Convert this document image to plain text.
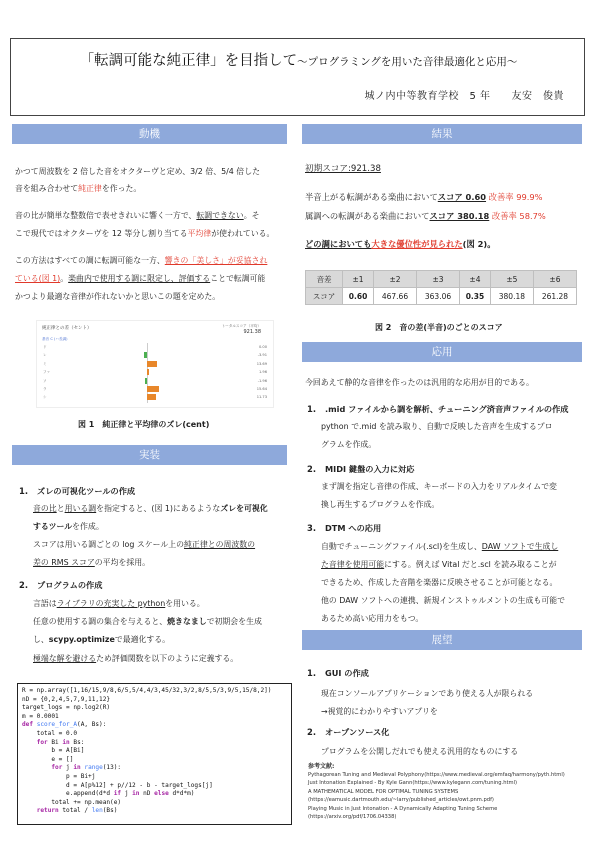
「転調可能な純正律」を目指して～プログラミングを用いた音律最適化と応用～
城ノ内中等教育学校　5 年　　友安　俊貴
動機
かつて周波数を 2 倍した音をオクターヴと定め、3/2 倍、5/4 倍した
音を組み合わせて純正律を作った。
音の比が簡単な整数倍で表せきれいに響く一方で、転調できない。そ
こで現代ではオクターヴを 12 等分し割り当てる平均律が使われている。
この方法はすべての調に転調可能な一方、響きの「美しさ」が妥協され
ている(図 1)。楽曲内で使用する調に限定し、評価することで転調可能
かつより最適な音律が作れないかと思いこの題を定めた。
純正律との差（セント）	トータルスコア（平均）
921.38
基音 C (ハ長調)
ド	0.00
レ	-3.91
ミ	13.69
ファ	1.96
ソ	-1.96
ラ	15.64
シ	11.73
図 1　純正律と平均律のズレ(cent)
実装
1. ズレの可視化ツールの作成
音の比と用いる調を指定すると、(図 1)にあるようなズレを可視化
するツールを作成。
スコアは用いる調ごとの log スケール上の純正律との周波数の
差の RMS スコアの平均を採用。
2. プログラムの作成
言語はライブラリの充実した pythonを用いる。
任意の使用する調の集合を与えると、焼きなましで初期会を生成
し、scypy.optimizeで最適化する。
極端な解を避けるため評価関数を以下のように定義する。
R = np.array([1,16/15,9/8,6/5,5/4,4/3,45/32,3/2,8/5,5/3,9/5,15/8,2])
nD = {0,2,4,5,7,9,11,12}
target_logs = np.log2(R)
m = 0.0001
def score_for_A(A, Bs):
total = 0.0
for Bi in Bs:
b = A[Bi]
e = []
for j in range(13):
p = Bi+j
d = A[p%12] + p//12 - b - target_logs[j]
e.append(d*d if j in nD else d*d*m)
total += np.mean(e)
return total / len(Bs)
結果
初期スコア:921.38
半音上がる転調がある楽曲においてスコア 0.60 改善率 99.9%
属調への転調がある楽曲においてスコア 380.18 改善率 58.7%
どの調においても大きな優位性が見られた(図 2)。
音差	±1	±2	±3	±4	±5	±6
スコア	0.60	467.66	363.06	0.35	380.18	261.28
図 2　音の差(半音)のごとのスコア
応用
今回あえて静的な音律を作ったのは汎用的な応用が目的である。
1. .mid ファイルから調を解析、チューニング済音声ファイルの作成
python で.mid を読み取り、自動で反映した音声を生成するプロ
グラムを作成。
2. MIDI 鍵盤の入力に対応
まず調を指定し音律の作成、キーボードの入力をリアルタイムで変
換し再生するプログラムを作成。
3. DTM への応用
自動でチューニングファイル(.scl)を生成し、DAW ソフトで生成し
た音律を使用可能にする。例えば Vital だと.scl を読み取ることが
できるため、作成した音階を楽器に反映させることが可能となる。
他の DAW ソフトへの連携、新規インストゥルメントの生成も可能で
あるため高い応用力をもつ。
展望
1. GUI の作成
現在コンソールアプリケーションであり使える人が限られる
→視覚的にわかりやすいアプリを
2. オープンソース化
プログラムを公開しだれでも使える汎用的なものにする
参考文献:
Pythagorean Tuning and Medieval Polyphony(https://www.medieval.org/emfaq/harmony/pyth.html)
Just Intonation Explained - By Kyle Gann(https://www.kylegann.com/tuning.html)
A MATHEMATICAL MODEL FOR OPTIMAL TUNING SYSTEMS
(https://eamusic.dartmouth.edu/~larry/published_articles/owt.pnm.pdf)
Playing Music in Just Intonation - A Dynamically Adapting Tuning Scheme
(https://arxiv.org/pdf/1706.04338)
